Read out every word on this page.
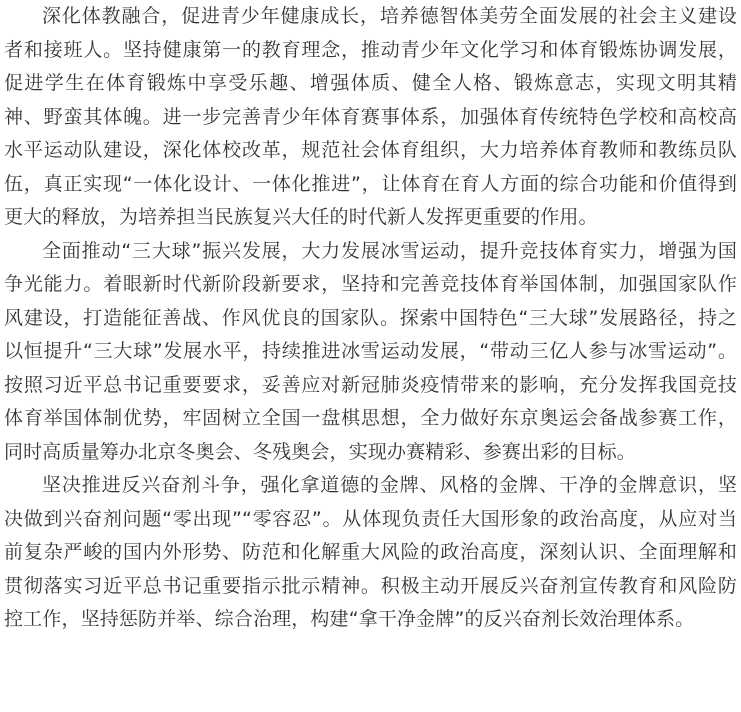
深化体教融合，促进青少年健康成长，培养德智体美劳全面发展的社会主义建设
者和接班人。坚持健康第一的教育理念，推动青少年文化学习和体育锻炼协调发展，
促进学生在体育锻炼中享受乐趣、增强体质、健全人格、锻炼意志，实现文明其精
神、野蛮其体魄。进一步完善青少年体育赛事体系，加强体育传统特色学校和高校高
水平运动队建设，深化体校改革，规范社会体育组织，大力培养体育教师和教练员队
伍，真正实现“一体化设计、一体化推进”，让体育在育人方面的综合功能和价值得到
更大的释放，为培养担当民族复兴大任的时代新人发挥更重要的作用。

全面推动“三大球”振兴发展，大力发展冰雪运动，提升竞技体育实力，增强为国
争光能力。着眼新时代新阶段新要求，坚持和完善竞技体育举国体制，加强国家队作
风建设，打造能征善战、作风优良的国家队。探索中国特色“三大球”发展路径，持之
以恒提升“三大球”发展水平，持续推进冰雪运动发展，“带动三亿人参与冰雪运动”。
按照习近平总书记重要要求，妥善应对新冠肺炎疫情带来的影响，充分发挥我国竞技
体育举国体制优势，牢固树立全国一盘棋思想，全力做好东京奥运会备战参赛工作，
同时高质量筹办北京冬奥会、冬残奥会，实现办赛精彩、参赛出彩的目标。

坚决推进反兴奋剂斗争，强化拿道德的金牌、风格的金牌、干净的金牌意识，坚
决做到兴奋剂问题“零出现”“零容忍”。从体现负责任大国形象的政治高度，从应对当
前复杂严峻的国内外形势、防范和化解重大风险的政治高度，深刻认识、全面理解和
贯彻落实习近平总书记重要指示批示精神。积极主动开展反兴奋剂宣传教育和风险防
控工作，坚持惩防并举、综合治理，构建“拿干净金牌”的反兴奋剂长效治理体系。
